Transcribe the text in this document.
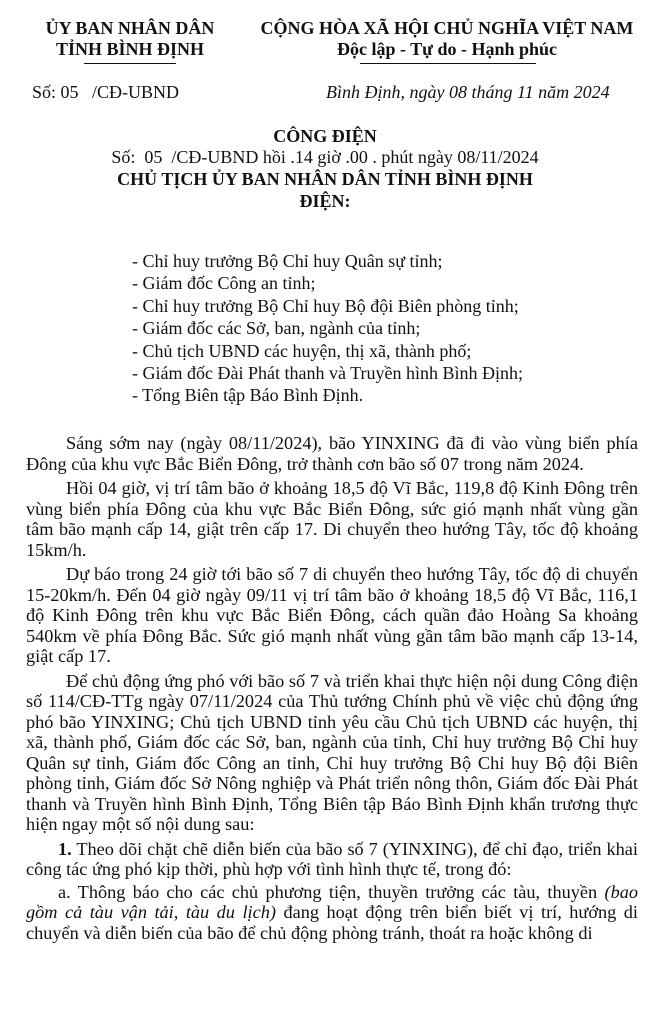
ỦY BAN NHÂN DÂN
TỈNH BÌNH ĐỊNH
CỘNG HÒA XÃ HỘI CHỦ NGHĨA VIỆT NAM
Độc lập - Tự do - Hạnh phúc
Số: 05   /CĐ-UBND	Bình Định, ngày 08 tháng 11 năm 2024
CÔNG ĐIỆN
Số:  05  /CĐ-UBND hồi .14 giờ .00 . phút ngày 08/11/2024
CHỦ TỊCH ỦY BAN NHÂN DÂN TỈNH BÌNH ĐỊNH
ĐIỆN:
- Chỉ huy trưởng Bộ Chỉ huy Quân sự tỉnh;
- Giám đốc Công an tỉnh;
- Chỉ huy trưởng Bộ Chỉ huy Bộ đội Biên phòng tỉnh;
- Giám đốc các Sở, ban, ngành của tỉnh;
- Chủ tịch UBND các huyện, thị xã, thành phố;
- Giám đốc Đài Phát thanh và Truyền hình Bình Định;
- Tổng Biên tập Báo Bình Định.

Sáng sớm nay (ngày 08/11/2024), bão YINXING đã đi vào vùng biển phía Đông của khu vực Bắc Biển Đông, trở thành cơn bão số 07 trong năm 2024.

Hồi 04 giờ, vị trí tâm bão ở khoảng 18,5 độ Vĩ Bắc, 119,8 độ Kinh Đông trên vùng biển phía Đông của khu vực Bắc Biển Đông, sức gió mạnh nhất vùng gần tâm bão mạnh cấp 14, giật trên cấp 17. Di chuyển theo hướng Tây, tốc độ khoảng 15km/h.

Dự báo trong 24 giờ tới bão số 7 di chuyển theo hướng Tây, tốc độ di chuyển 15-20km/h. Đến 04 giờ ngày 09/11 vị trí tâm bão ở khoảng 18,5 độ Vĩ Bắc, 116,1 độ Kinh Đông trên khu vực Bắc Biển Đông, cách quần đảo Hoàng Sa khoảng 540km về phía Đông Bắc. Sức gió mạnh nhất vùng gần tâm bão mạnh cấp 13-14, giật cấp 17.

Để chủ động ứng phó với bão số 7 và triển khai thực hiện nội dung Công điện số 114/CĐ-TTg ngày 07/11/2024 của Thủ tướng Chính phủ về việc chủ động ứng phó bão YINXING; Chủ tịch UBND tỉnh yêu cầu Chủ tịch UBND các huyện, thị xã, thành phố, Giám đốc các Sở, ban, ngành của tỉnh, Chỉ huy trưởng Bộ Chỉ huy Quân sự tỉnh, Giám đốc Công an tỉnh, Chỉ huy trưởng Bộ Chỉ huy Bộ đội Biên phòng tỉnh, Giám đốc Sở Nông nghiệp và Phát triển nông thôn, Giám đốc Đài Phát thanh và Truyền hình Bình Định, Tổng Biên tập Báo Bình Định khẩn trương thực hiện ngay một số nội dung sau:

1. Theo dõi chặt chẽ diễn biến của bão số 7 (YINXING), để chỉ đạo, triển khai công tác ứng phó kịp thời, phù hợp với tình hình thực tế, trong đó:

a. Thông báo cho các chủ phương tiện, thuyền trưởng các tàu, thuyền (bao gồm cả tàu vận tải, tàu du lịch) đang hoạt động trên biển biết vị trí, hướng di chuyển và diễn biến của bão để chủ động phòng tránh, thoát ra hoặc không di
